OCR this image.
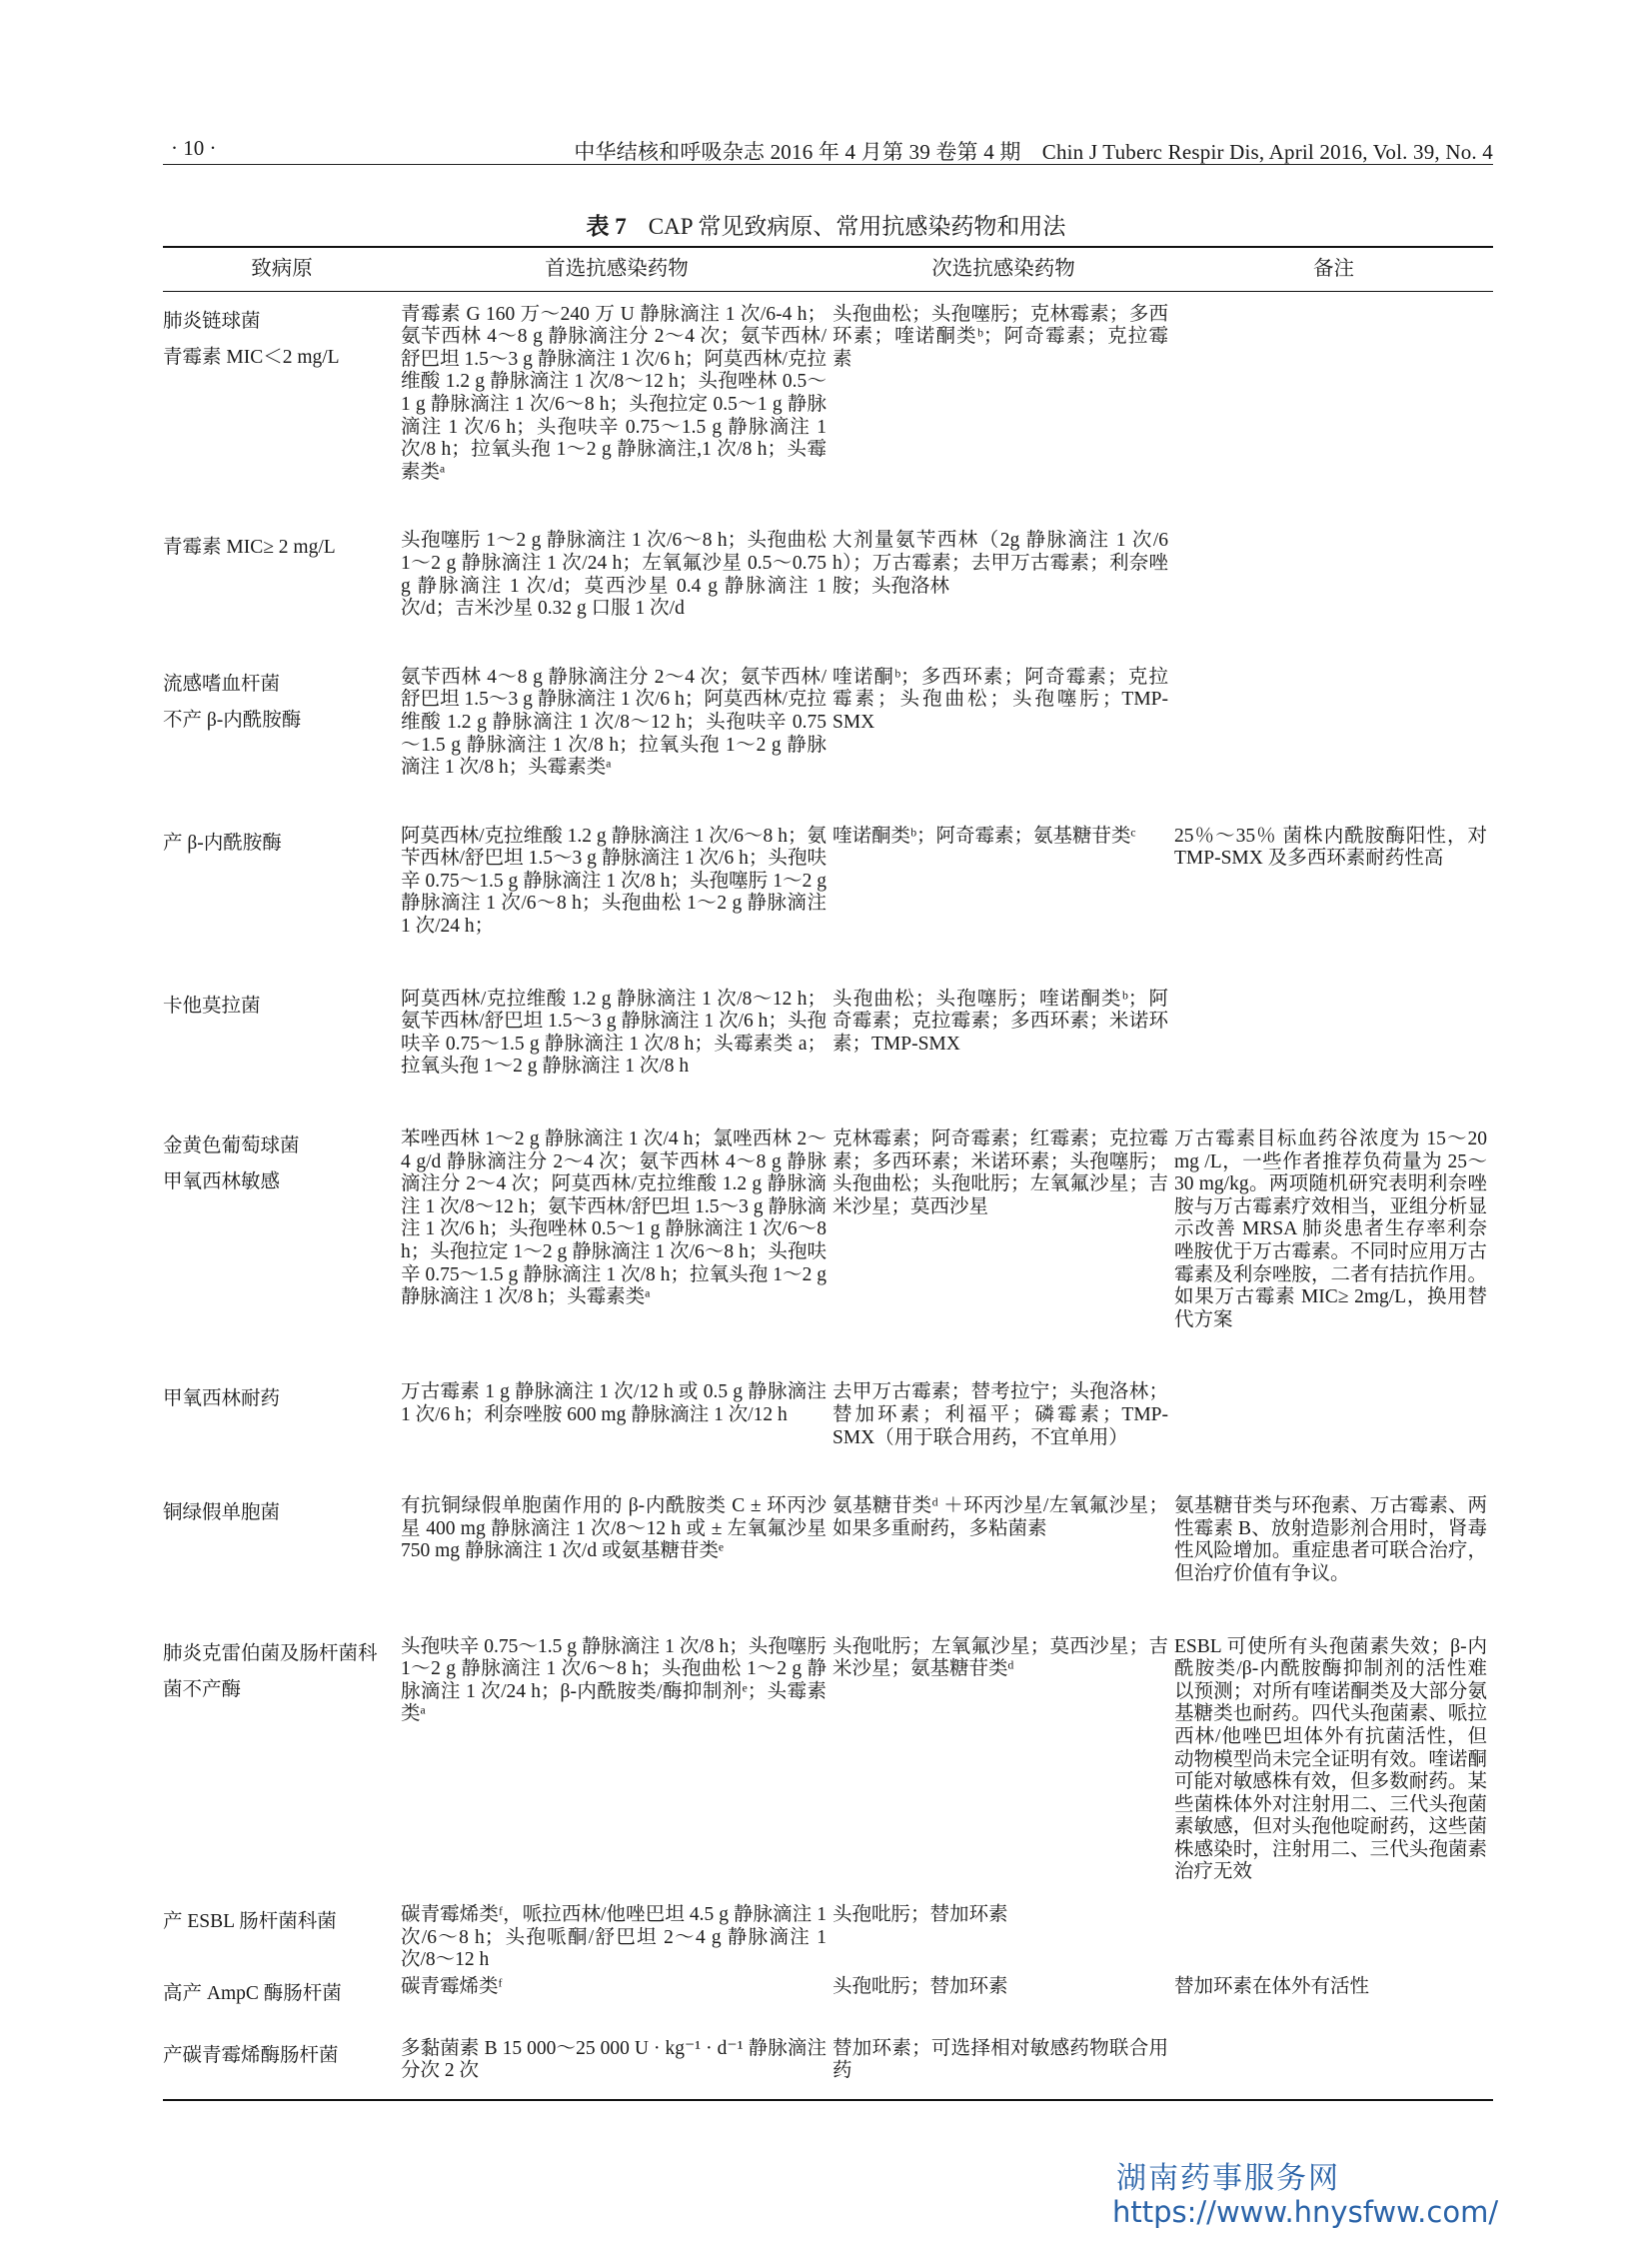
· 10 ·	中华结核和呼吸杂志 2016 年 4 月第 39 卷第 4 期　Chin J Tuberc Respir Dis, April 2016, Vol. 39, No. 4
表 7 CAP 常见致病原、常用抗感染药物和用法
致病原	首选抗感染药物	次选抗感染药物	备注

肺炎链球菌
青霉素 MIC＜2 mg/L	青霉素 G 160 万～240 万 U 静脉滴注 1 次/6-4 h；氨苄西林 4～8 g 静脉滴注分 2～4 次；氨苄西林/舒巴坦 1.5～3 g 静脉滴注 1 次/6 h；阿莫西林/克拉维酸 1.2 g 静脉滴注 1 次/8～12 h；头孢唑林 0.5～1 g 静脉滴注 1 次/6～8 h；头孢拉定 0.5～1 g 静脉滴注 1 次/6 h；头孢呋辛 0.75～1.5 g 静脉滴注 1 次/8 h；拉氧头孢 1～2 g 静脉滴注,1 次/8 h；头霉素类ᵃ	头孢曲松；头孢噻肟；克林霉素；多西环素；喹诺酮类ᵇ；阿奇霉素；克拉霉素	

青霉素 MIC≥ 2 mg/L	头孢噻肟 1～2 g 静脉滴注 1 次/6～8 h；头孢曲松 1～2 g 静脉滴注 1 次/24 h；左氧氟沙星 0.5～0.75 g 静脉滴注 1 次/d；莫西沙星 0.4 g 静脉滴注 1 次/d；吉米沙星 0.32 g 口服 1 次/d	大剂量氨苄西林（2g 静脉滴注 1 次/6 h）；万古霉素；去甲万古霉素；利奈唑胺；头孢洛林	

流感嗜血杆菌
不产 β-内酰胺酶	氨苄西林 4～8 g 静脉滴注分 2～4 次；氨苄西林/舒巴坦 1.5～3 g 静脉滴注 1 次/6 h；阿莫西林/克拉维酸 1.2 g 静脉滴注 1 次/8～12 h；头孢呋辛 0.75～1.5 g 静脉滴注 1 次/8 h；拉氧头孢 1～2 g 静脉滴注 1 次/8 h；头霉素类ᵃ	喹诺酮ᵇ；多西环素；阿奇霉素；克拉霉素；头孢曲松；头孢噻肟；TMP-SMX	

产 β-内酰胺酶	阿莫西林/克拉维酸 1.2 g 静脉滴注 1 次/6～8 h；氨苄西林/舒巴坦 1.5～3 g 静脉滴注 1 次/6 h；头孢呋辛 0.75～1.5 g 静脉滴注 1 次/8 h；头孢噻肟 1～2 g 静脉滴注 1 次/6～8 h；头孢曲松 1～2 g 静脉滴注 1 次/24 h；	喹诺酮类ᵇ；阿奇霉素；氨基糖苷类ᶜ	25％～35％ 菌株内酰胺酶阳性，对 TMP-SMX 及多西环素耐药性高

卡他莫拉菌	阿莫西林/克拉维酸 1.2 g 静脉滴注 1 次/8～12 h；氨苄西林/舒巴坦 1.5～3 g 静脉滴注 1 次/6 h；头孢呋辛 0.75～1.5 g 静脉滴注 1 次/8 h；头霉素类 a；拉氧头孢 1～2 g 静脉滴注 1 次/8 h	头孢曲松；头孢噻肟；喹诺酮类ᵇ；阿奇霉素；克拉霉素；多西环素；米诺环素；TMP-SMX	

金黄色葡萄球菌
甲氧西林敏感	苯唑西林 1～2 g 静脉滴注 1 次/4 h；氯唑西林 2～4 g/d 静脉滴注分 2～4 次；氨苄西林 4～8 g 静脉滴注分 2～4 次；阿莫西林/克拉维酸 1.2 g 静脉滴注 1 次/8～12 h；氨苄西林/舒巴坦 1.5～3 g 静脉滴注 1 次/6 h；头孢唑林 0.5～1 g 静脉滴注 1 次/6～8 h；头孢拉定 1～2 g 静脉滴注 1 次/6～8 h；头孢呋辛 0.75～1.5 g 静脉滴注 1 次/8 h；拉氧头孢 1～2 g 静脉滴注 1 次/8 h；头霉素类ᵃ	克林霉素；阿奇霉素；红霉素；克拉霉素；多西环素；米诺环素；头孢噻肟；头孢曲松；头孢吡肟；左氧氟沙星；吉米沙星；莫西沙星	万古霉素目标血药谷浓度为 15～20 mg /L，一些作者推荐负荷量为 25～30 mg/kg。两项随机研究表明利奈唑胺与万古霉素疗效相当，亚组分析显示改善 MRSA 肺炎患者生存率利奈唑胺优于万古霉素。不同时应用万古霉素及利奈唑胺，二者有拮抗作用。如果万古霉素 MIC≥ 2mg/L，换用替代方案

甲氧西林耐药	万古霉素 1 g 静脉滴注 1 次/12 h 或 0.5 g 静脉滴注 1 次/6 h；利奈唑胺 600 mg 静脉滴注 1 次/12 h	去甲万古霉素；替考拉宁；头孢洛林；替加环素；利福平；磷霉素；TMP-SMX（用于联合用药，不宜单用）	

铜绿假单胞菌	有抗铜绿假单胞菌作用的 β-内酰胺类 C ± 环丙沙星 400 mg 静脉滴注 1 次/8～12 h 或 ± 左氧氟沙星 750 mg 静脉滴注 1 次/d 或氨基糖苷类ᵉ	氨基糖苷类ᵈ ＋环丙沙星/左氧氟沙星；如果多重耐药，多粘菌素	氨基糖苷类与环孢素、万古霉素、两性霉素 B、放射造影剂合用时，肾毒性风险增加。重症患者可联合治疗，但治疗价值有争议。

肺炎克雷伯菌及肠杆菌科菌不产酶	头孢呋辛 0.75～1.5 g 静脉滴注 1 次/8 h；头孢噻肟 1～2 g 静脉滴注 1 次/6～8 h；头孢曲松 1～2 g 静脉滴注 1 次/24 h；β-内酰胺类/酶抑制剂ᵉ；头霉素类ᵃ	头孢吡肟；左氧氟沙星；莫西沙星；吉米沙星；氨基糖苷类ᵈ	ESBL 可使所有头孢菌素失效；β-内酰胺类/β-内酰胺酶抑制剂的活性难以预测；对所有喹诺酮类及大部分氨基糖类也耐药。四代头孢菌素、哌拉西林/他唑巴坦体外有抗菌活性，但动物模型尚未完全证明有效。喹诺酮可能对敏感株有效，但多数耐药。某些菌株体外对注射用二、三代头孢菌素敏感，但对头孢他啶耐药，这些菌株感染时，注射用二、三代头孢菌素治疗无效

产 ESBL 肠杆菌科菌	碳青霉烯类ᶠ，哌拉西林/他唑巴坦 4.5 g 静脉滴注 1 次/6～8 h；头孢哌酮/舒巴坦 2～4 g 静脉滴注 1 次/8～12 h	头孢吡肟；替加环素	

高产 AmpC 酶肠杆菌	碳青霉烯类ᶠ	头孢吡肟；替加环素	替加环素在体外有活性

产碳青霉烯酶肠杆菌	多黏菌素 B 15 000～25 000 U · kg⁻¹ · d⁻¹ 静脉滴注分次 2 次	替加环素；可选择相对敏感药物联合用药	

湖南药事服务网
https://www.hnysfww.com/
